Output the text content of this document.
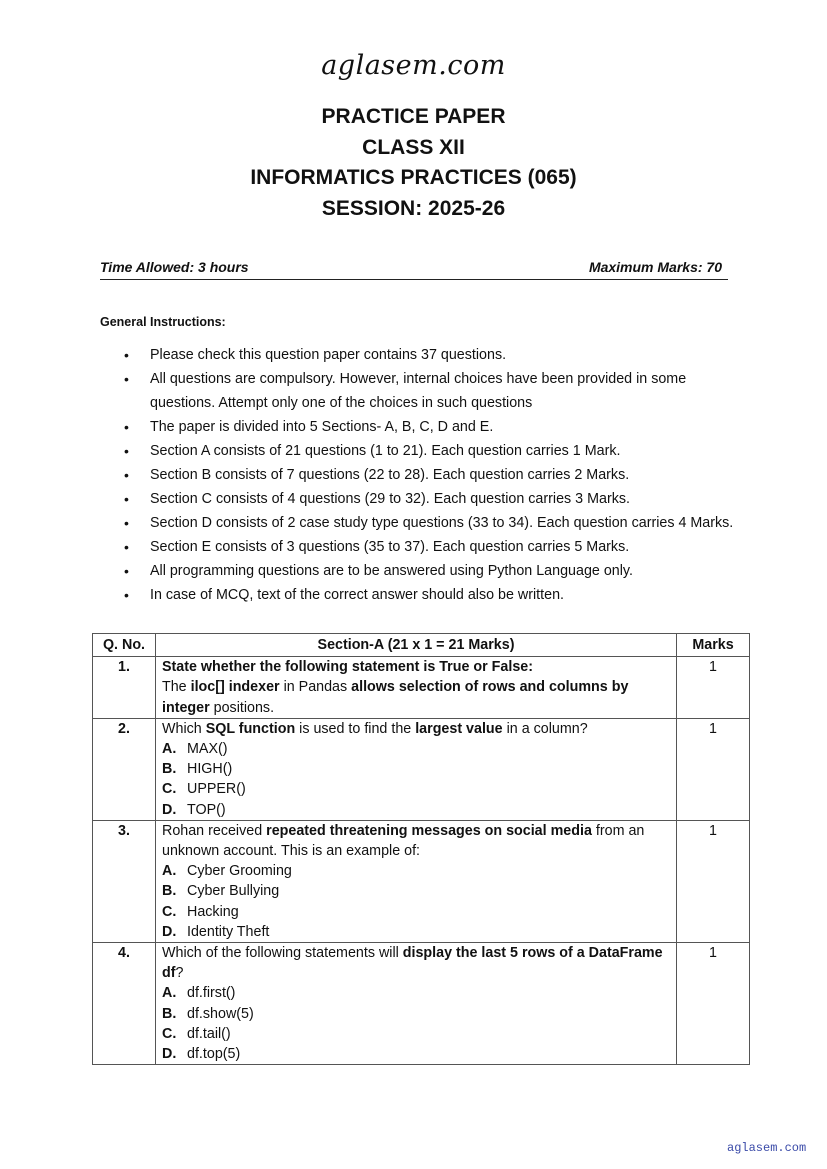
aglasem.com
PRACTICE PAPER
CLASS XII
INFORMATICS PRACTICES (065)
SESSION: 2025-26
Time Allowed: 3 hours	Maximum Marks: 70
General Instructions:
• Please check this question paper contains 37 questions.
• All questions are compulsory. However, internal choices have been provided in some questions. Attempt only one of the choices in such questions
• The paper is divided into 5 Sections- A, B, C, D and E.
• Section A consists of 21 questions (1 to 21). Each question carries 1 Mark.
• Section B consists of 7 questions (22 to 28). Each question carries 2 Marks.
• Section C consists of 4 questions (29 to 32). Each question carries 3 Marks.
• Section D consists of 2 case study type questions (33 to 34). Each question carries 4 Marks.
• Section E consists of 3 questions (35 to 37). Each question carries 5 Marks.
• All programming questions are to be answered using Python Language only.
• In case of MCQ, text of the correct answer should also be written.
Q. No.	Section-A (21 x 1 = 21 Marks)	Marks
1.	State whether the following statement is True or False:
The iloc[] indexer in Pandas allows selection of rows and columns by integer positions.	1
2.	Which SQL function is used to find the largest value in a column?
A. MAX()
B. HIGH()
C. UPPER()
D. TOP()	1
3.	Rohan received repeated threatening messages on social media from an unknown account. This is an example of:
A. Cyber Grooming
B. Cyber Bullying
C. Hacking
D. Identity Theft	1
4.	Which of the following statements will display the last 5 rows of a DataFrame df?
A. df.first()
B. df.show(5)
C. df.tail()
D. df.top(5)	1
aglasem.com
